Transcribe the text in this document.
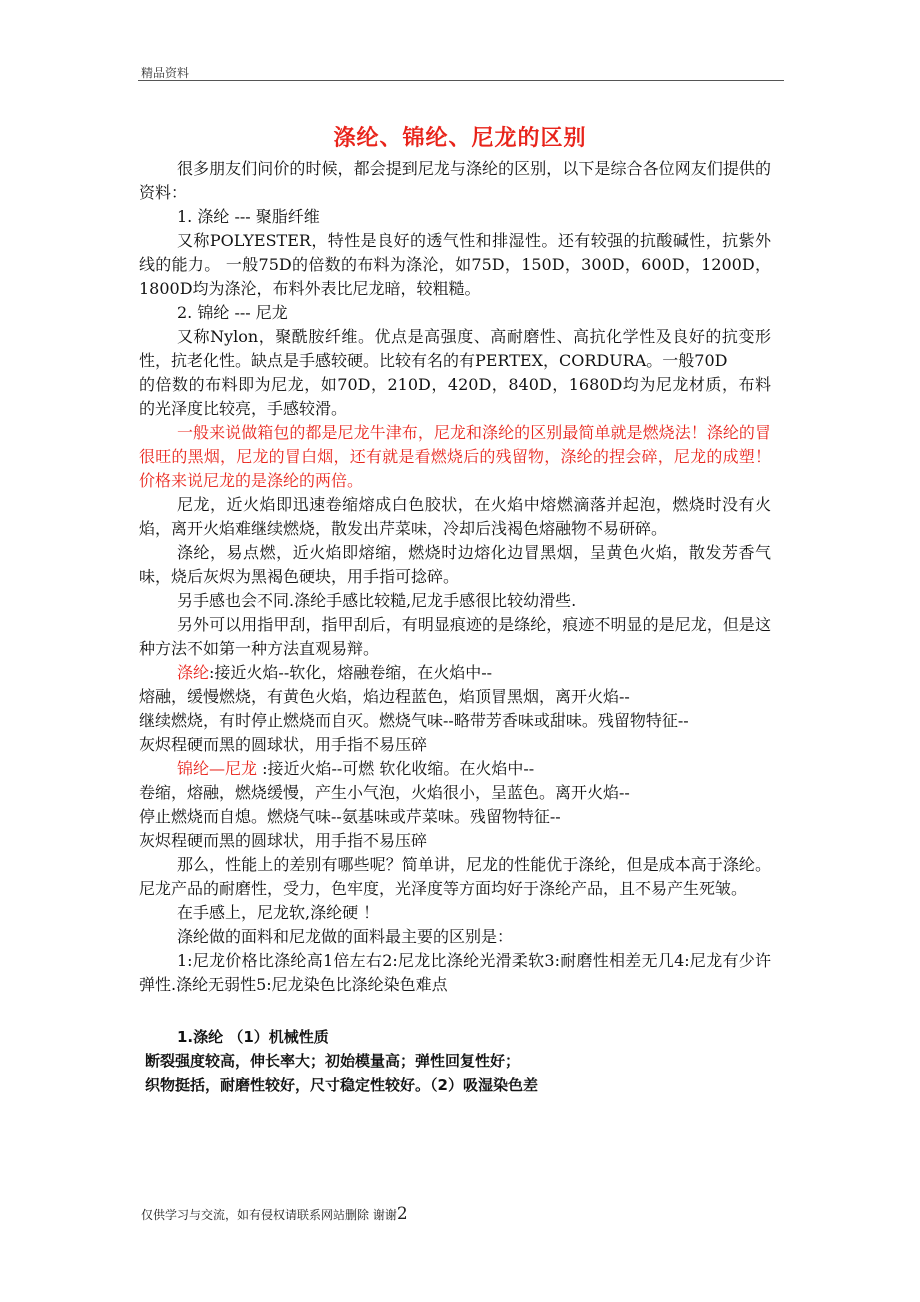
精品资料
涤纶、锦纶、尼龙的区别

很多朋友们问价的时候，都会提到尼龙与涤纶的区别，以下是综合各位网友们提供的资料：

1. 涤纶 --- 聚脂纤维

又称POLYESTER，特性是良好的透气性和排湿性。还有较强的抗酸碱性，抗紫外线的能力。 一般75D的倍数的布料为涤沦，如75D，150D，300D，600D，1200D，1800D均为涤沦，布料外表比尼龙暗，较粗糙。

2. 锦纶 --- 尼龙

又称Nylon，聚酰胺纤维。优点是高强度、高耐磨性、高抗化学性及良好的抗变形性，抗老化性。缺点是手感较硬。比较有名的有PERTEX，CORDURA。一般70D

的倍数的布料即为尼龙，如70D，210D，420D，840D，1680D均为尼龙材质，布料的光泽度比较亮，手感较滑。

一般来说做箱包的都是尼龙牛津布，尼龙和涤纶的区别最简单就是燃烧法！涤纶的冒很旺的黑烟，尼龙的冒白烟，还有就是看燃烧后的残留物，涤纶的捏会碎，尼龙的成塑！价格来说尼龙的是涤纶的两倍。

尼龙，近火焰即迅速卷缩熔成白色胶状，在火焰中熔燃滴落并起泡，燃烧时没有火焰，离开火焰难继续燃烧，散发出芹菜味，冷却后浅褐色熔融物不易研碎。

涤纶，易点燃，近火焰即熔缩，燃烧时边熔化边冒黑烟，呈黄色火焰，散发芳香气味，烧后灰烬为黑褐色硬块，用手指可捻碎。

另手感也会不同.涤纶手感比较糙,尼龙手感很比较幼滑些.

另外可以用指甲刮，指甲刮后，有明显痕迹的是绦纶，痕迹不明显的是尼龙，但是这种方法不如第一种方法直观易辩。

涤纶:接近火焰--软化，熔融卷缩，在火焰中--

熔融，缓慢燃烧，有黄色火焰，焰边程蓝色，焰顶冒黑烟，离开火焰--

继续燃烧，有时停止燃烧而自灭。燃烧气味--略带芳香味或甜味。残留物特征--

灰烬程硬而黑的圆球状，用手指不易压碎

锦纶—尼龙 :接近火焰--可燃 软化收缩。在火焰中--

卷缩，熔融，燃烧缓慢，产生小气泡，火焰很小，呈蓝色。离开火焰--

停止燃烧而自熄。燃烧气味--氨基味或芹菜味。残留物特征--

灰烬程硬而黑的圆球状，用手指不易压碎

那么，性能上的差别有哪些呢？简单讲，尼龙的性能优于涤纶，但是成本高于涤纶。尼龙产品的耐磨性，受力，色牢度，光泽度等方面均好于涤纶产品，且不易产生死皱。

在手感上，尼龙软,涤纶硬 ！

涤纶做的面料和尼龙做的面料最主要的区别是：

1:尼龙价格比涤纶高1倍左右2:尼龙比涤纶光滑柔软3:耐磨性相差无几4:尼龙有少许弹性.涤纶无弱性5:尼龙染色比涤纶染色难点

1.涤纶 （1）机械性质

断裂强度较高，伸长率大；初始模量高；弹性回复性好；

织物挺括，耐磨性较好，尺寸稳定性较好。（2）吸湿染色差

仅供学习与交流，如有侵权请联系网站删除 谢谢2
